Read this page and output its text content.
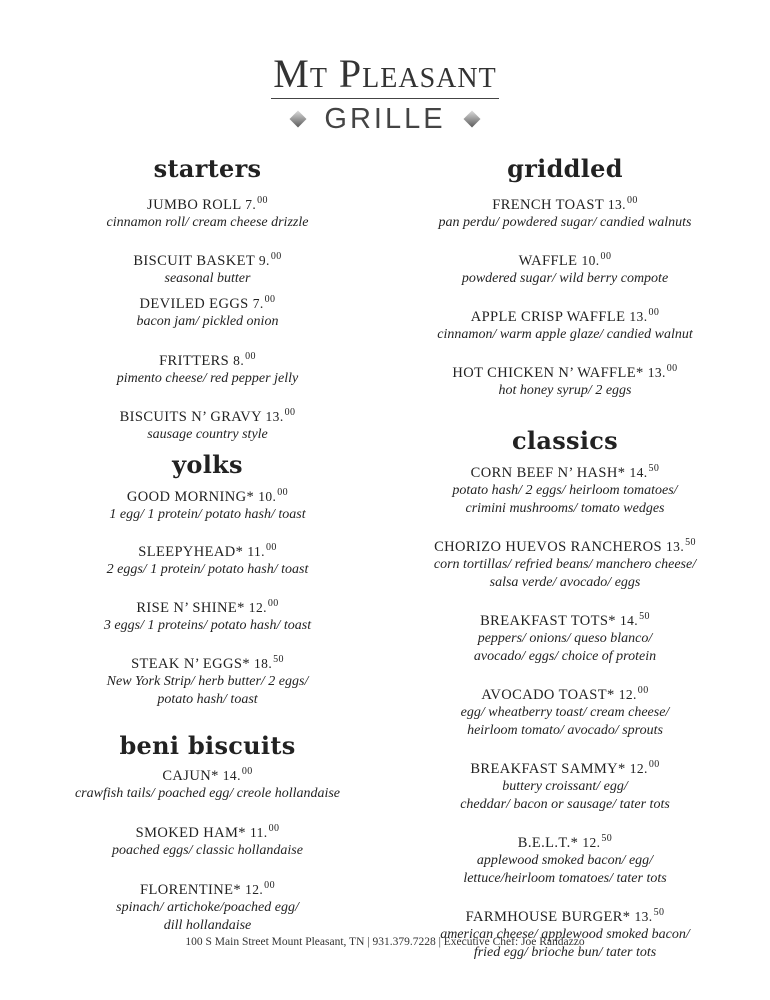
Mt Pleasant
GRILLE
starters
JUMBO ROLL 7.00
cinnamon roll/ cream cheese drizzle
BISCUIT BASKET 9.00
seasonal butter
DEVILED EGGS 7.00
bacon jam/ pickled onion
FRITTERS 8.00
pimento cheese/ red pepper jelly
BISCUITS N’ GRAVY 13.00
sausage country style
yolks
GOOD MORNING* 10.00
1 egg/ 1 protein/ potato hash/ toast
SLEEPYHEAD* 11.00
2 eggs/ 1 protein/ potato hash/ toast
RISE N’ SHINE* 12.00
3 eggs/ 1 proteins/ potato hash/ toast
STEAK N’ EGGS* 18.50
New York Strip/ herb butter/ 2 eggs/
potato hash/ toast
beni biscuits
CAJUN* 14.00
crawfish tails/ poached egg/ creole hollandaise
SMOKED HAM* 11.00
poached eggs/ classic hollandaise
FLORENTINE* 12.00
spinach/ artichoke/poached egg/
dill hollandaise
griddled
FRENCH TOAST 13.00
pan perdu/ powdered sugar/ candied walnuts
WAFFLE 10.00
powdered sugar/ wild berry compote
APPLE CRISP WAFFLE 13.00
cinnamon/ warm apple glaze/ candied walnut
HOT CHICKEN N’ WAFFLE* 13.00
hot honey syrup/ 2 eggs
classics
CORN BEEF N’ HASH* 14.50
potato hash/ 2 eggs/ heirloom tomatoes/
crimini mushrooms/ tomato wedges
CHORIZO HUEVOS RANCHEROS 13.50
corn tortillas/ refried beans/ manchero cheese/
salsa verde/ avocado/ eggs
BREAKFAST TOTS* 14.50
peppers/ onions/ queso blanco/
avocado/ eggs/ choice of protein
AVOCADO TOAST* 12.00
egg/ wheatberry toast/ cream cheese/
heirloom tomato/ avocado/ sprouts
BREAKFAST SAMMY* 12.00
buttery croissant/ egg/
cheddar/ bacon or sausage/ tater tots
B.E.L.T.* 12.50
applewood smoked bacon/ egg/
lettuce/heirloom tomatoes/ tater tots
FARMHOUSE BURGER* 13.50
american cheese/ applewood smoked bacon/
fried egg/ brioche bun/ tater tots
100 S Main Street Mount Pleasant, TN | 931.379.7228 | Executive Chef: Joe Randazzo
